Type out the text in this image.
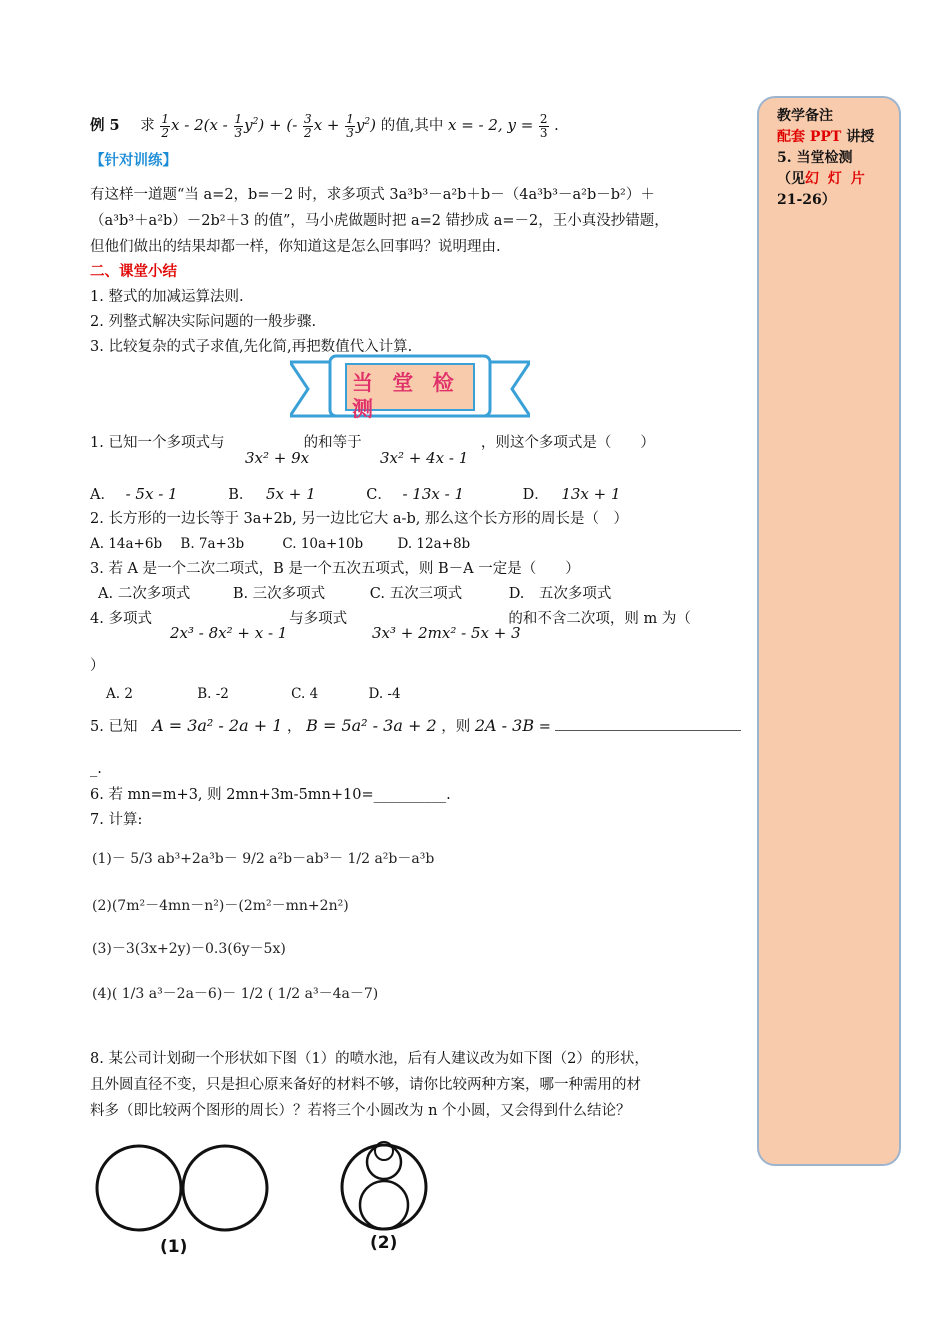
例 5 求 $\frac{1}{2}$ x - $2(x - \frac{1}{3} y^2)$ + (- $\frac{3}{2}$ $x + \frac{1}{3} y^2$) 的值,其中 x = - 2, $y = \frac{2}{3}$ .
【针对训练】
有这样一道题“当 a=2，b=－2 时，求多项式 3a³b³－a²b＋b－（4a³b³－a²b－b²）＋
（a³b³＋a²b）－2b²＋3 的值”，马小虎做题时把 a=2 错抄成 a=－2，王小真没抄错题，
但他们做出的结果却都一样，你知道这是怎么回事吗？说明理由.
二、课堂小结
1. 整式的加减运算法则.
2. 列整式解决实际问题的一般步骤.
3. 比较复杂的式子求值,先化简,再把数值代入计算.
当 堂 检 测
1. 已知一个多项式与	的和等于	，则这个多项式是（　　）
3x² + 9x	3x² + 4x - 1
A． - 5x - 1	B． 5x + 1	C． - 13x - 1	D． 13x + 1
2. 长方形的一边长等于 3a+2b, 另一边比它大 a-b, 那么这个长方形的周长是（　）
A. 14a+6b B. 7a+3b	C. 10a+10b	D. 12a+8b
3. 若 A 是一个二次二项式，B 是一个五次五项式，则 B－A 一定是（　　）
A. 二次多项式	B. 三次多项式	C. 五次三项式	D.　五次多项式
4. 多项式	与多项式	的和不含二次项，则 m 为（
2x³ - 8x² + x - 1	3x³ + 2mx² - 5x + 3
）
A. 2	B. -2	C. 4	D. -4
5. 已知 A = 3a² - 2a + 1 ， B = 5a² - 3a + 2 ，则 2A - 3B =
_.
6. 若 mn=m+3, 则 2mn+3m-5mn+10=__________.
7. 计算:
(1)－ 5/3 ab³+2a³b－ 9/2 a²b－ab³－ 1/2 a²b－a³b
(2)(7m²－4mn－n²)－(2m²－mn+2n²)
(3)－3(3x+2y)－0.3(6y－5x)
(4)( 1/3 a³－2a－6)－ 1/2 ( 1/2 a³－4a－7)
8. 某公司计划砌一个形状如下图（1）的喷水池，后有人建议改为如下图（2）的形状，
且外圆直径不变，只是担心原来备好的材料不够，请你比较两种方案，哪一种需用的材
料多（即比较两个图形的周长）？若将三个小圆改为 n 个小圆，又会得到什么结论？
(1)	(2)
教学备注
配套 PPT 讲授
5. 当堂检测
（见幻 灯 片
21-26）
